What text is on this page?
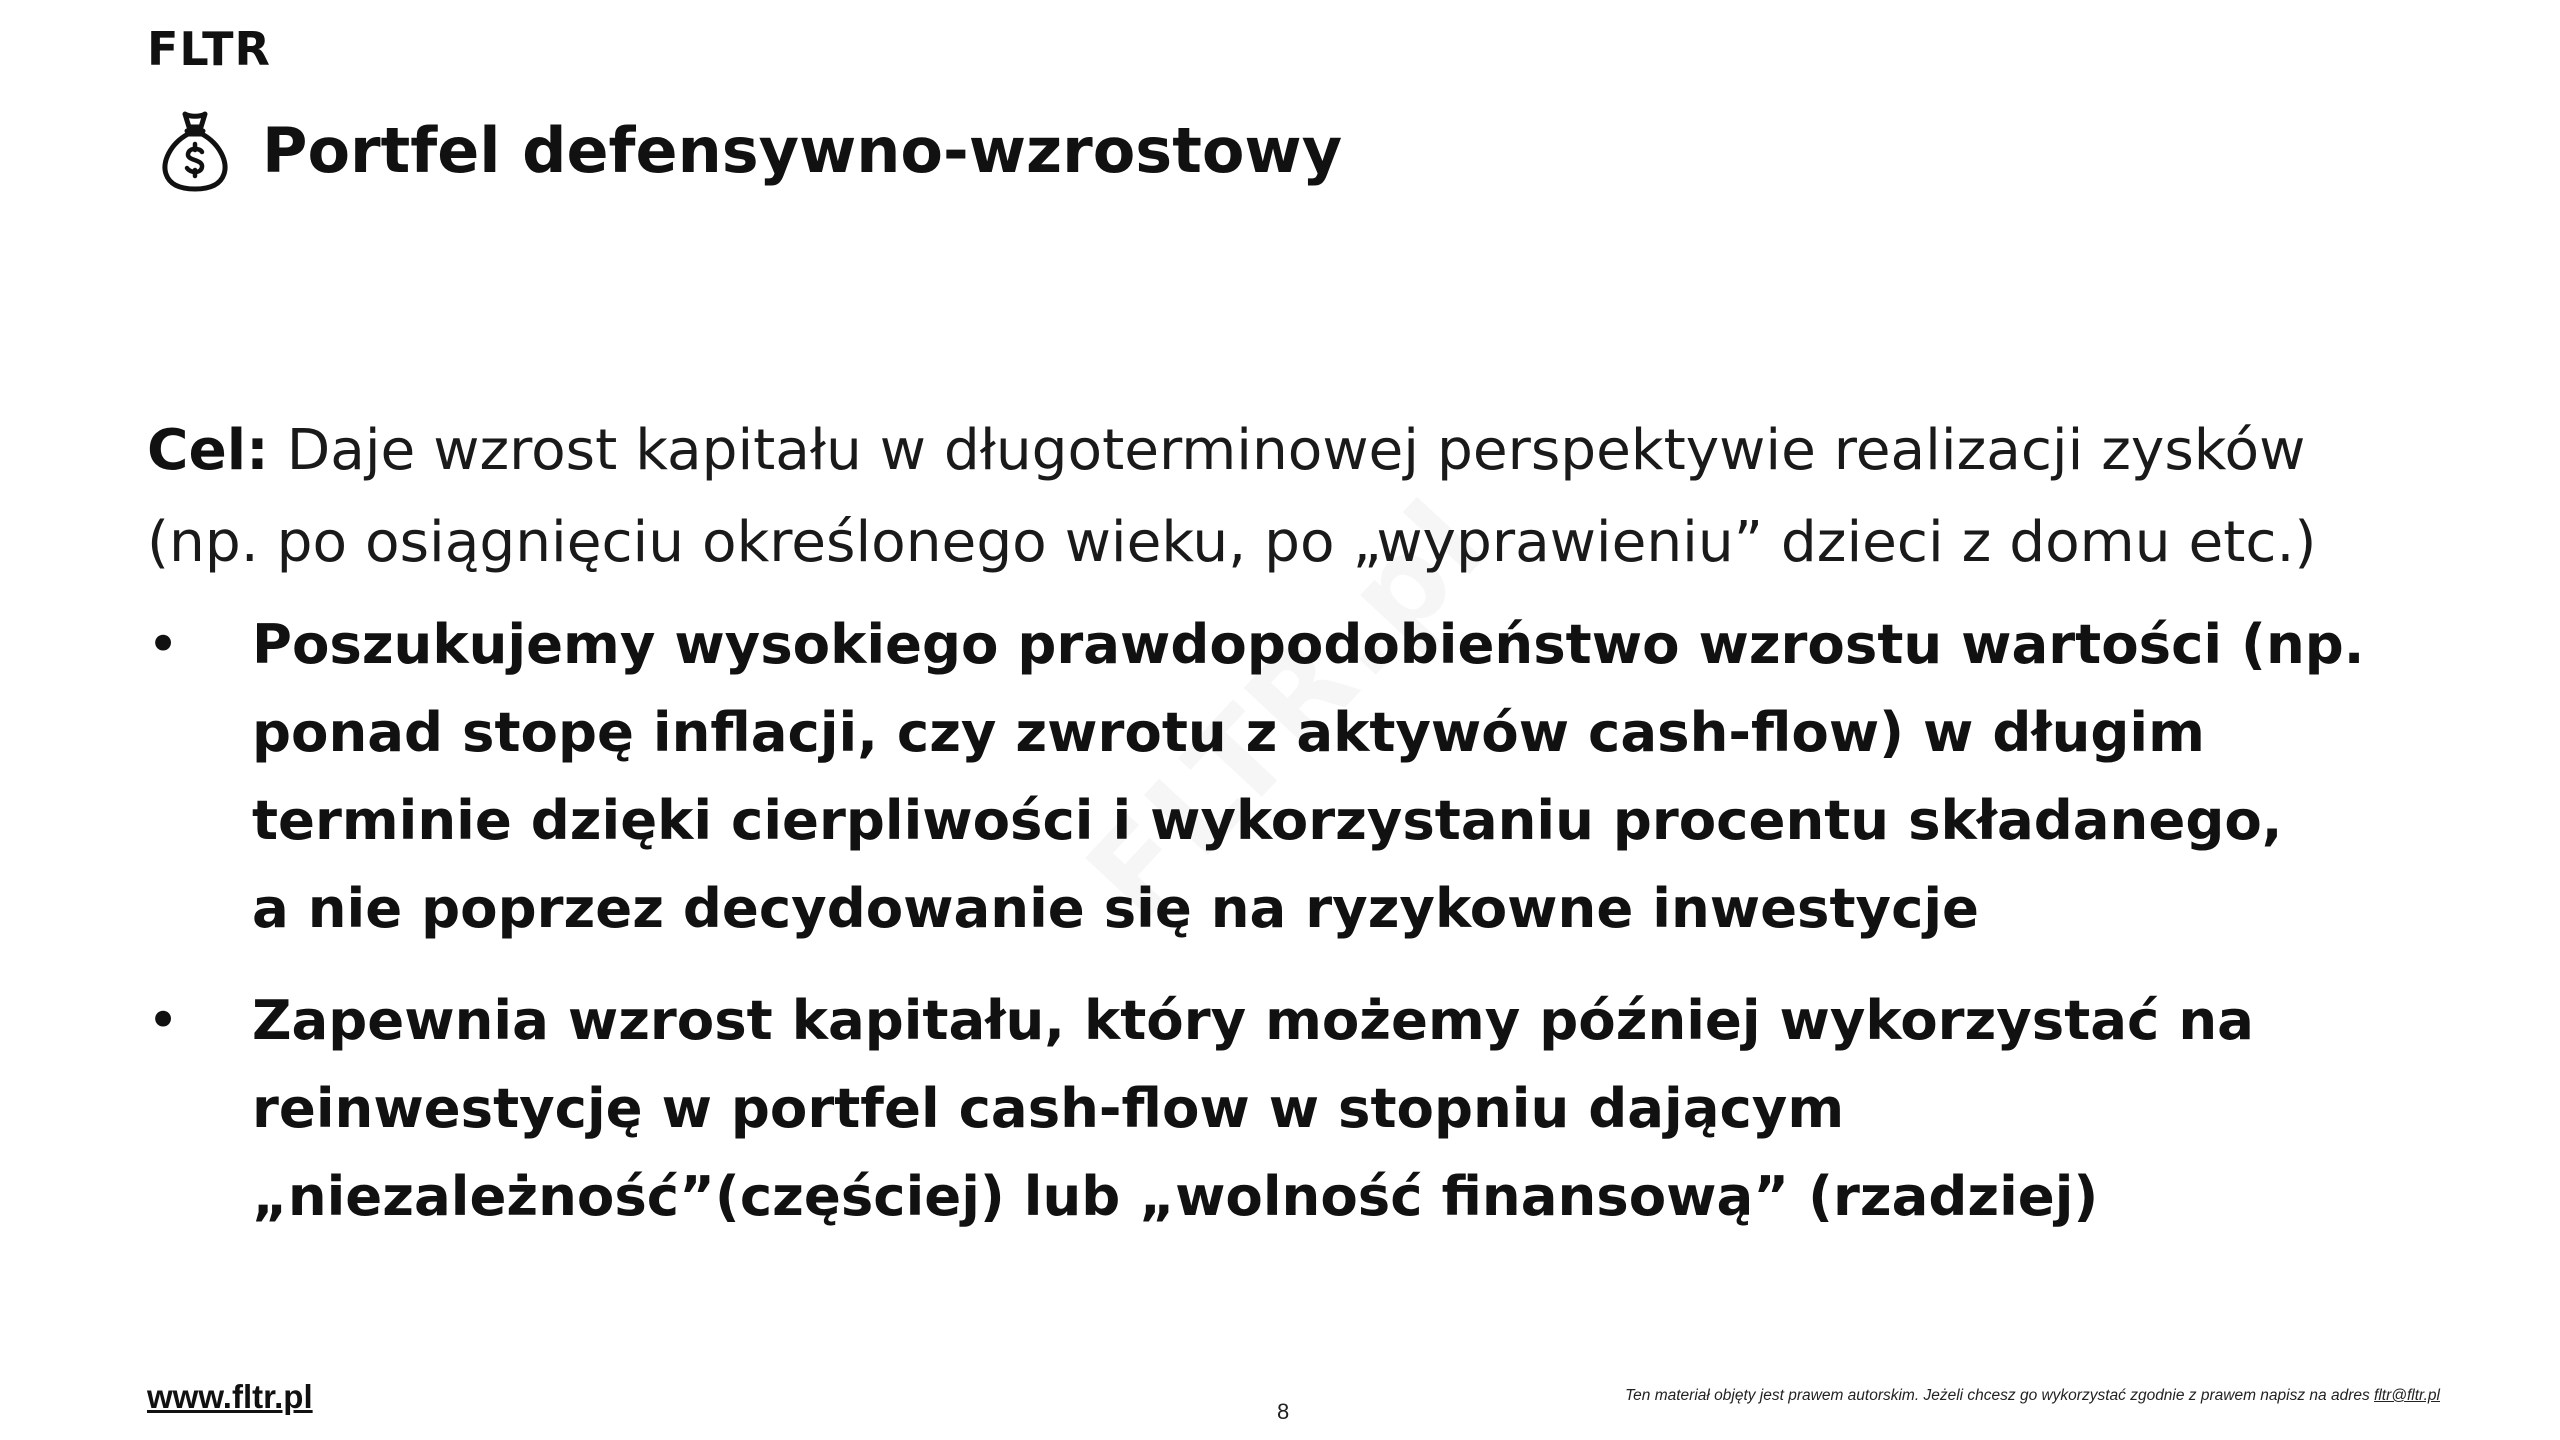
FLTR
Portfel defensywno-wzrostowy
Cel: Daje wzrost kapitału w długoterminowej perspektywie realizacji zysków
(np. po osiągnięciu określonego wieku, po „wyprawieniu” dzieci z domu etc.)
• Poszukujemy wysokiego prawdopodobieństwo wzrostu wartości (np.
ponad stopę inflacji, czy zwrotu z aktywów cash-flow) w długim
terminie dzięki cierpliwości i wykorzystaniu procentu składanego,
a nie poprzez decydowanie się na ryzykowne inwestycje
• Zapewnia wzrost kapitału, który możemy później wykorzystać na
reinwestycję w portfel cash-flow w stopniu dającym
„niezależność”(częściej) lub „wolność finansową” (rzadziej)
www.fltr.pl	8
Ten materiał objęty jest prawem autorskim. Jeżeli chcesz go wykorzystać zgodnie z prawem napisz na adres fltr@fltr.pl
